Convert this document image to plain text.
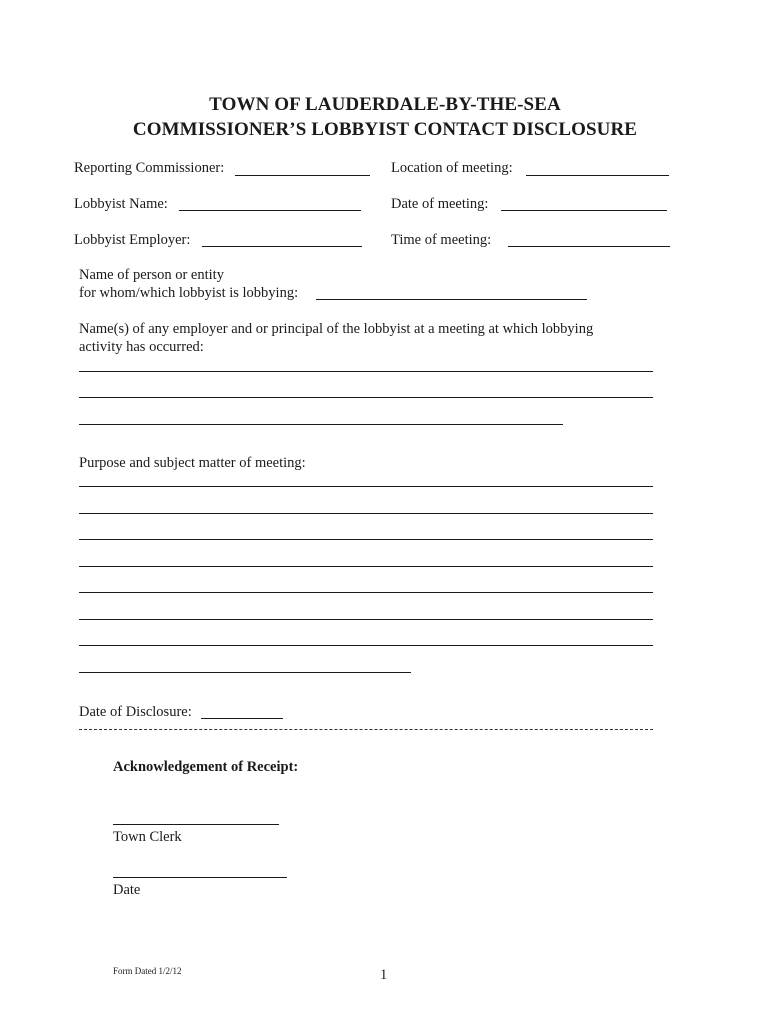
TOWN OF LAUDERDALE-BY-THE-SEA
COMMISSIONER’S LOBBYIST CONTACT DISCLOSURE
Reporting Commissioner:	Location of meeting:
Lobbyist Name:	Date of meeting:
Lobbyist Employer:	Time of meeting:
Name of person or entity
for whom/which lobbyist is lobbying:
Name(s) of any employer and or principal of the lobbyist at a meeting at which lobbying
activity has occurred:
Purpose and subject matter of meeting:
Date of Disclosure:
Acknowledgement of Receipt:
Town Clerk
Date
Form Dated 1/2/12	1
